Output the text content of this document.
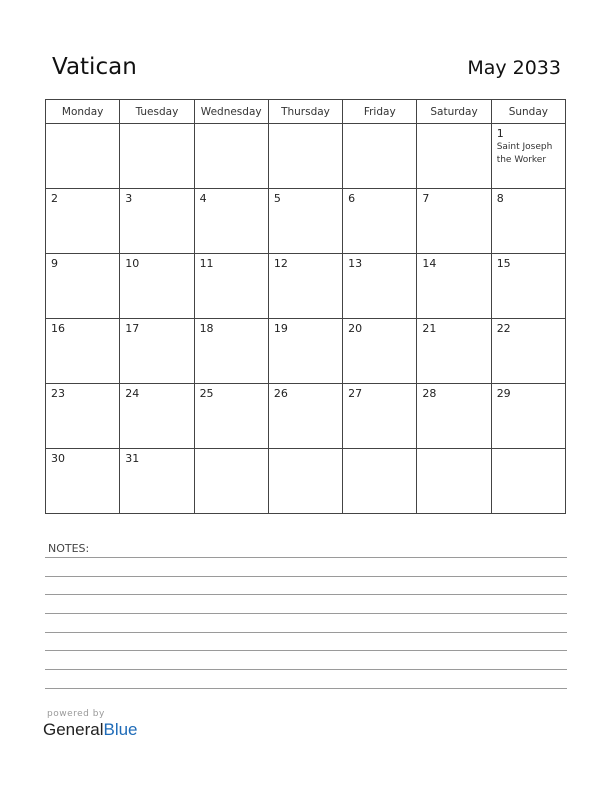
Vatican	May 2033
Monday	Tuesday	Wednesday	Thursday	Friday	Saturday	Sunday

						1
Saint Joseph
the Worker

2	3	4	5	6	7	8

9	10	11	12	13	14	15

16	17	18	19	20	21	22

23	24	25	26	27	28	29

30	31					

NOTES:
powered by
GeneralBlue
